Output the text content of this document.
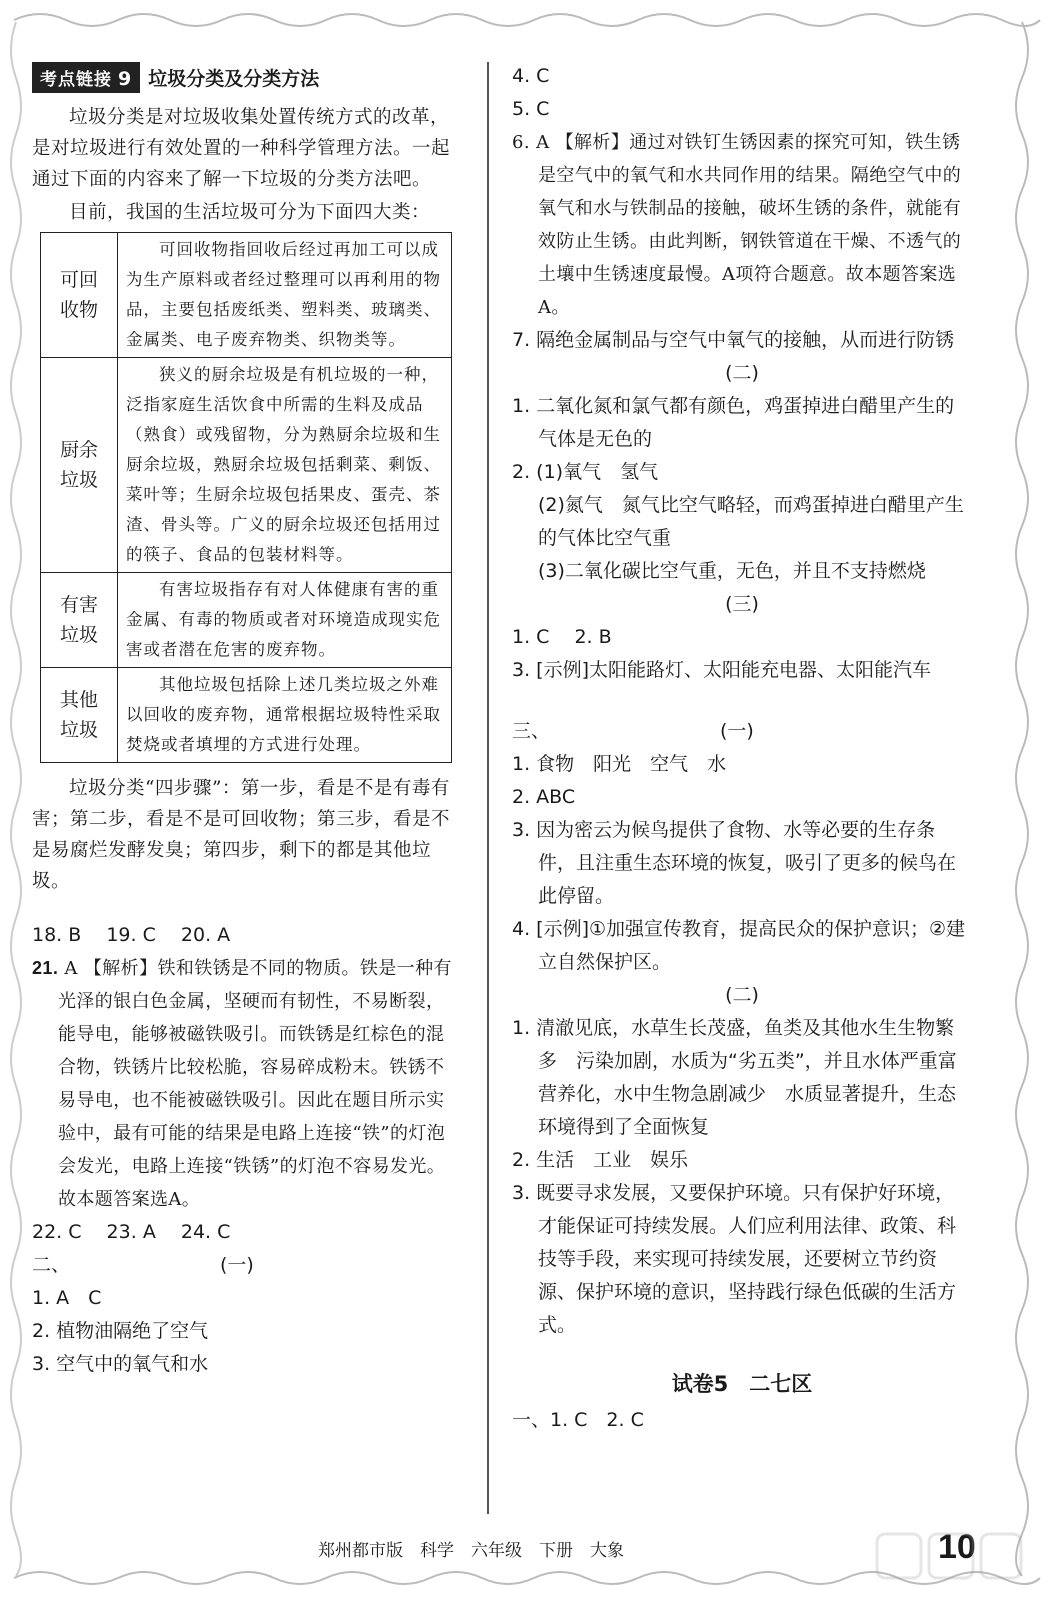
考点链接 9 垃圾分类及分类方法

垃圾分类是对垃圾收集处置传统方式的改革，是对垃圾进行有效处置的一种科学管理方法。一起通过下面的内容来了解一下垃圾的分类方法吧。

目前，我国的生活垃圾可分为下面四大类：

可回收物	可回收物指回收后经过再加工可以成为生产原料或者经过整理可以再利用的物品，主要包括废纸类、塑料类、玻璃类、金属类、电子废弃物类、织物类等。
厨余垃圾	狭义的厨余垃圾是有机垃圾的一种，泛指家庭生活饮食中所需的生料及成品（熟食）或残留物，分为熟厨余垃圾和生厨余垃圾，熟厨余垃圾包括剩菜、剩饭、菜叶等；生厨余垃圾包括果皮、蛋壳、茶渣、骨头等。广义的厨余垃圾还包括用过的筷子、食品的包装材料等。
有害垃圾	有害垃圾指存有对人体健康有害的重金属、有毒的物质或者对环境造成现实危害或者潜在危害的废弃物。
其他垃圾	其他垃圾包括除上述几类垃圾之外难以回收的废弃物，通常根据垃圾特性采取焚烧或者填埋的方式进行处理。

垃圾分类“四步骤”：第一步，看是不是有毒有害；第二步，看是不是可回收物；第三步，看是不是易腐烂发酵发臭；第四步，剩下的都是其他垃圾。

18. B　 19. C　 20. A

21. A 【解析】铁和铁锈是不同的物质。铁是一种有光泽的银白色金属，坚硬而有韧性，不易断裂，能导电，能够被磁铁吸引。而铁锈是红棕色的混合物，铁锈片比较松脆，容易碎成粉末。铁锈不易导电，也不能被磁铁吸引。因此在题目所示实验中，最有可能的结果是电路上连接“铁”的灯泡会发光，电路上连接“铁锈”的灯泡不容易发光。故本题答案选A。

22. C　 23. A　 24. C

二、	(一)

1. A　C

2. 植物油隔绝了空气

3. 空气中的氧气和水

4. C

5. C

6. A 【解析】通过对铁钉生锈因素的探究可知，铁生锈是空气中的氧气和水共同作用的结果。隔绝空气中的氧气和水与铁制品的接触，破坏生锈的条件，就能有效防止生锈。由此判断，钢铁管道在干燥、不透气的土壤中生锈速度最慢。A项符合题意。故本题答案选A。

7. 隔绝金属制品与空气中氧气的接触，从而进行防锈

(二)

1. 二氧化氮和氯气都有颜色，鸡蛋掉进白醋里产生的气体是无色的

2. (1)氧气　氢气

(2)氮气　氮气比空气略轻，而鸡蛋掉进白醋里产生的气体比空气重

(3)二氧化碳比空气重，无色，并且不支持燃烧

(三)

1. C　 2. B

3. [示例]太阳能路灯、太阳能充电器、太阳能汽车

三、	(一)

1. 食物　阳光　空气　水

2. ABC

3. 因为密云为候鸟提供了食物、水等必要的生存条件，且注重生态环境的恢复，吸引了更多的候鸟在此停留。

4. [示例]①加强宣传教育，提高民众的保护意识；②建立自然保护区。

(二)

1. 清澈见底，水草生长茂盛，鱼类及其他水生生物繁多　污染加剧，水质为“劣五类”，并且水体严重富营养化，水中生物急剧减少　水质显著提升，生态环境得到了全面恢复

2. 生活　工业　娱乐

3. 既要寻求发展，又要保护环境。只有保护好环境，才能保证可持续发展。人们应利用法律、政策、科技等手段，来实现可持续发展，还要树立节约资源、保护环境的意识，坚持践行绿色低碳的生活方式。

试卷5　二七区

一、1. C　2. C

郑州都市版　科学　六年级　下册　大象	10
